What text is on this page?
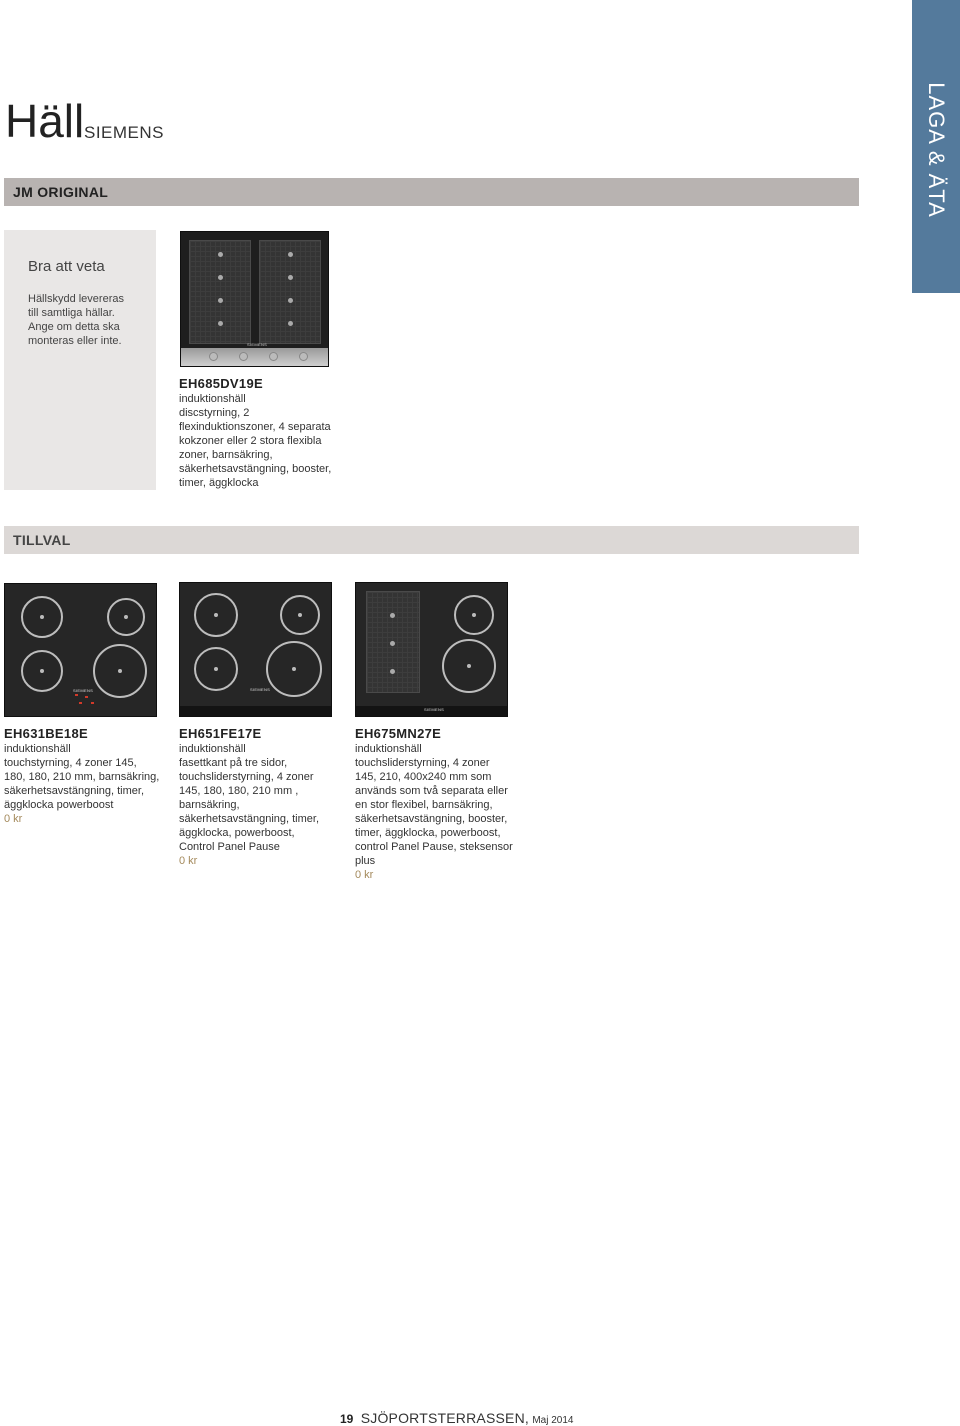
LAGA & ÄTA
Häll SIEMENS
JM ORIGINAL
Bra att veta
Hällskydd levereras
till samtliga hällar.
Ange om detta ska
monteras eller inte.	SIEMENS

EH685DV19E

induktionshäll

discstyrning, 2

flexinduktionszoner, 4 separata

kokzoner eller 2 stora flexibla

zoner, barnsäkring,

säkerhetsavstängning, booster,

timer, äggklocka

TILLVAL
SIEMENS	SIEMENS
SIEMENS

EH631BE18E

induktionshäll

touchstyrning, 4 zoner 145,

180, 180, 210 mm, barnsäkring,

säkerhetsavstängning, timer,

äggklocka powerboost

0 kr

EH651FE17E

induktionshäll

fasettkant på tre sidor,

touchsliderstyrning, 4 zoner

145, 180, 180, 210 mm ,

barnsäkring,

säkerhetsavstängning, timer,

äggklocka, powerboost,

Control Panel Pause

0 kr

EH675MN27E

induktionshäll

touchsliderstyrning, 4 zoner

145, 210, 400x240 mm som

används som två separata eller

en stor flexibel, barnsäkring,

säkerhetsavstängning, booster,

timer, äggklocka, powerboost,

control Panel Pause, steksensor

plus

0 kr

19 SJÖPORTSTERRASSEN, Maj 2014
